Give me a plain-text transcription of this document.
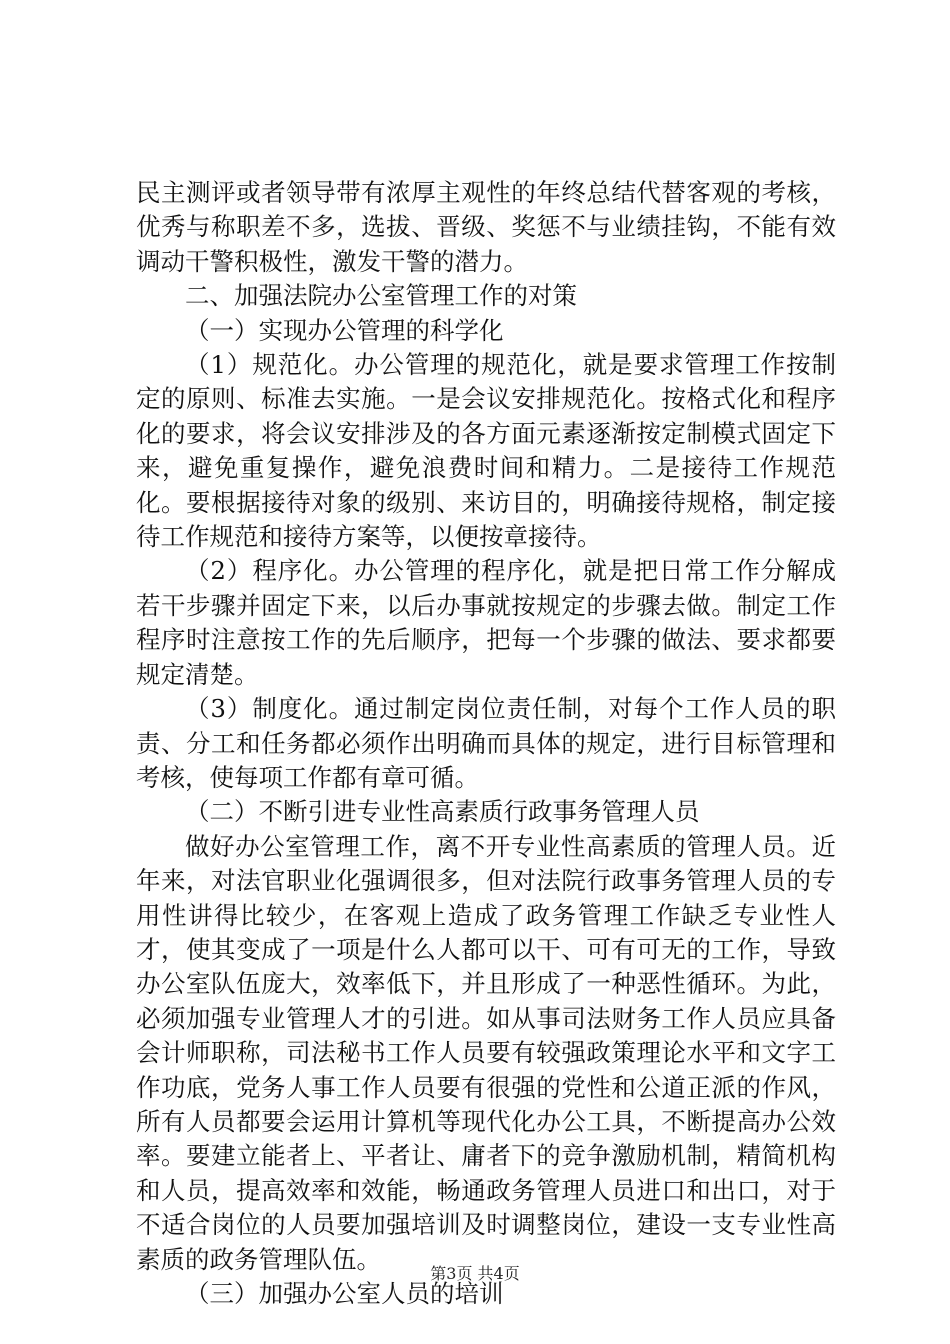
民主测评或者领导带有浓厚主观性的年终总结代替客观的考核，优秀与称职差不多，选拔、晋级、奖惩不与业绩挂钩，不能有效调动干警积极性，激发干警的潜力。

二、加强法院办公室管理工作的对策

（一）实现办公管理的科学化

（1）规范化。办公管理的规范化，就是要求管理工作按制定的原则、标准去实施。一是会议安排规范化。按格式化和程序化的要求，将会议安排涉及的各方面元素逐渐按定制模式固定下来，避免重复操作，避免浪费时间和精力。二是接待工作规范化。要根据接待对象的级别、来访目的，明确接待规格，制定接待工作规范和接待方案等，以便按章接待。

（2）程序化。办公管理的程序化，就是把日常工作分解成若干步骤并固定下来，以后办事就按规定的步骤去做。制定工作程序时注意按工作的先后顺序，把每一个步骤的做法、要求都要规定清楚。

（3）制度化。通过制定岗位责任制，对每个工作人员的职责、分工和任务都必须作出明确而具体的规定，进行目标管理和考核，使每项工作都有章可循。

（二）不断引进专业性高素质行政事务管理人员

做好办公室管理工作，离不开专业性高素质的管理人员。近年来，对法官职业化强调很多，但对法院行政事务管理人员的专用性讲得比较少，在客观上造成了政务管理工作缺乏专业性人才，使其变成了一项是什么人都可以干、可有可无的工作，导致办公室队伍庞大，效率低下，并且形成了一种恶性循环。为此，必须加强专业管理人才的引进。如从事司法财务工作人员应具备会计师职称，司法秘书工作人员要有较强政策理论水平和文字工作功底，党务人事工作人员要有很强的党性和公道正派的作风，所有人员都要会运用计算机等现代化办公工具，不断提高办公效率。要建立能者上、平者让、庸者下的竞争激励机制，精简机构和人员，提高效率和效能，畅通政务管理人员进口和出口，对于不适合岗位的人员要加强培训及时调整岗位，建设一支专业性高素质的政务管理队伍。

（三）加强办公室人员的培训

第3页 共4页
